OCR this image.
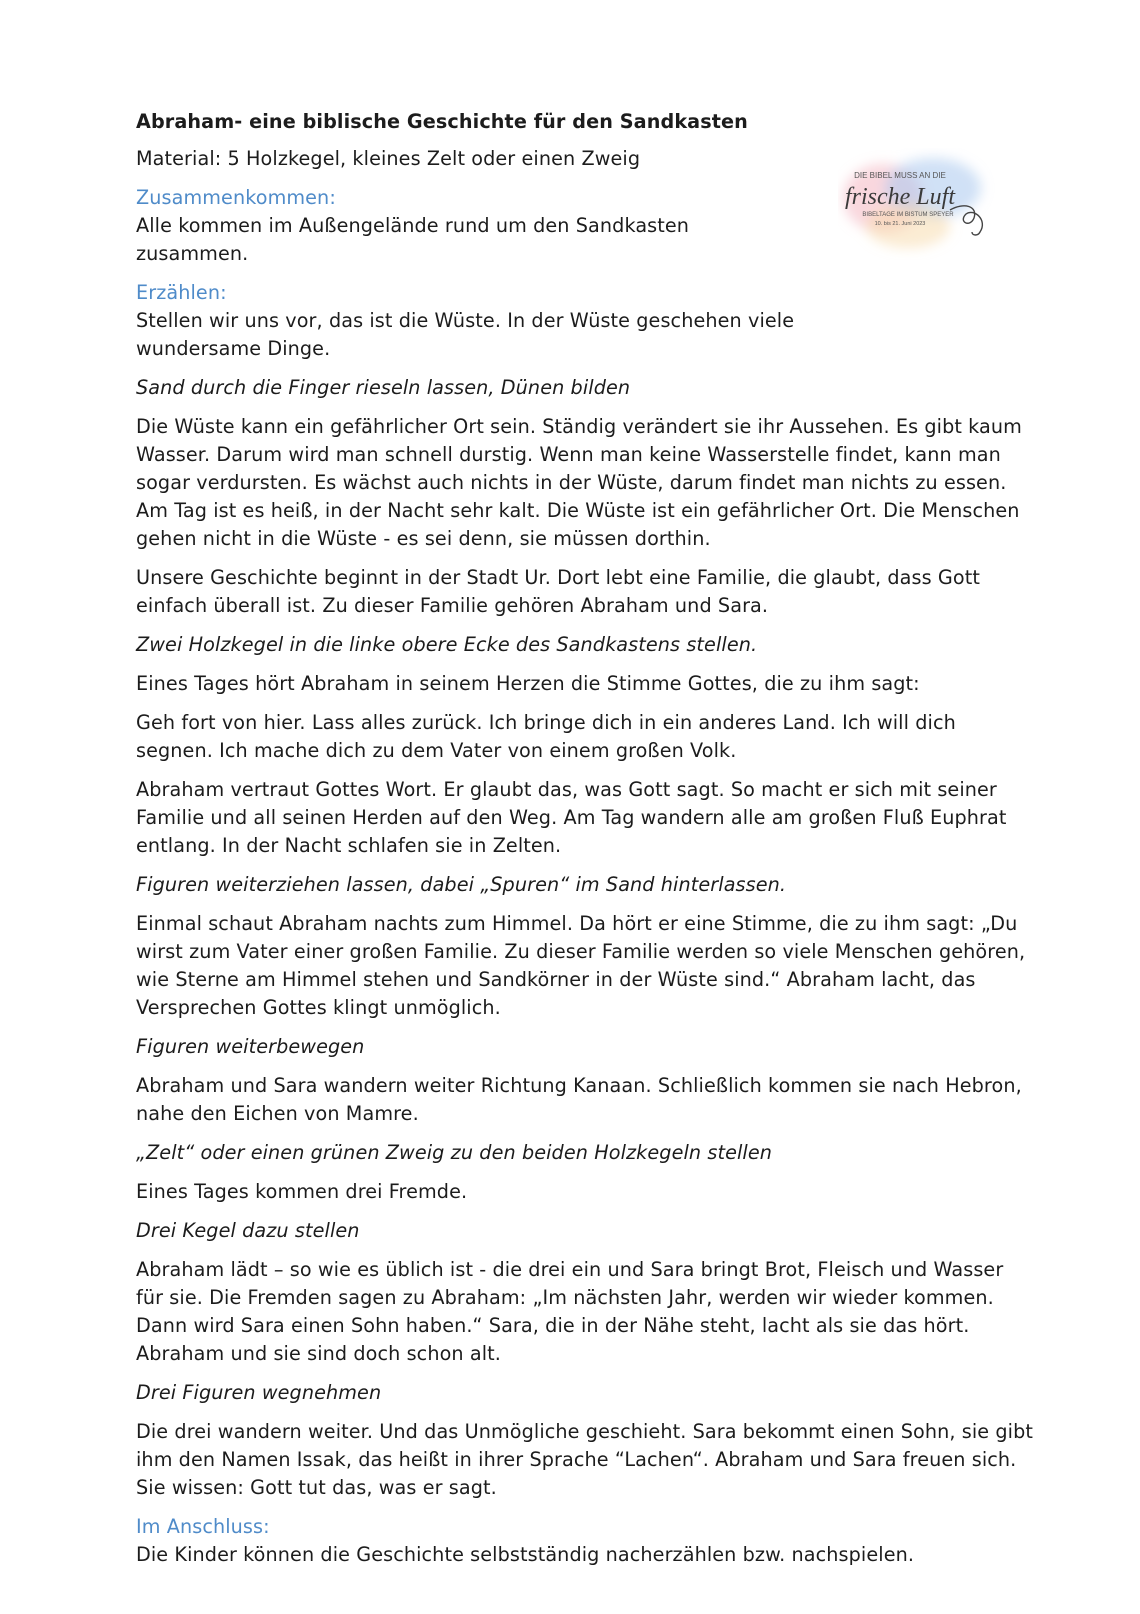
DIE BIBEL MUSS AN DIE
frische Luft
BIBELTAGE IM BISTUM SPEYER
10. bis 21. Juni 2023

Abraham- eine biblische Geschichte für den Sandkasten

Material: 5 Holzkegel, kleines Zelt oder einen Zweig

Zusammenkommen:

Alle kommen im Außengelände rund um den Sandkasten zusammen.

Erzählen:

Stellen wir uns vor, das ist die Wüste. In der Wüste geschehen viele wundersame Dinge.

Sand durch die Finger rieseln lassen, Dünen bilden

Die Wüste kann ein gefährlicher Ort sein. Ständig verändert sie ihr Aussehen. Es gibt kaum Wasser. Darum wird man schnell durstig. Wenn man keine Wasserstelle findet, kann man sogar verdursten. Es wächst auch nichts in der Wüste, darum findet man nichts zu essen. Am Tag ist es heiß, in der Nacht sehr kalt. Die Wüste ist ein gefährlicher Ort. Die Menschen gehen nicht in die Wüste - es sei denn, sie müssen dorthin.

Unsere Geschichte beginnt in der Stadt Ur. Dort lebt eine Familie, die glaubt, dass Gott einfach überall ist. Zu dieser Familie gehören Abraham und Sara.

Zwei Holzkegel in die linke obere Ecke des Sandkastens stellen.

Eines Tages hört Abraham in seinem Herzen die Stimme Gottes, die zu ihm sagt:

Geh fort von hier. Lass alles zurück. Ich bringe dich in ein anderes Land. Ich will dich segnen. Ich mache dich zu dem Vater von einem großen Volk.

Abraham vertraut Gottes Wort. Er glaubt das, was Gott sagt. So macht er sich mit seiner Familie und all seinen Herden auf den Weg. Am Tag wandern alle am großen Fluß Euphrat entlang. In der Nacht schlafen sie in Zelten.

Figuren weiterziehen lassen, dabei „Spuren“ im Sand hinterlassen.

Einmal schaut Abraham nachts zum Himmel. Da hört er eine Stimme, die zu ihm sagt: „Du wirst zum Vater einer großen Familie. Zu dieser Familie werden so viele Menschen gehören, wie Sterne am Himmel stehen und Sandkörner in der Wüste sind.“ Abraham lacht, das Versprechen Gottes klingt unmöglich.

Figuren weiterbewegen

Abraham und Sara wandern weiter Richtung Kanaan. Schließlich kommen sie nach Hebron, nahe den Eichen von Mamre.

„Zelt“ oder einen grünen Zweig zu den beiden Holzkegeln stellen

Eines Tages kommen drei Fremde.

Drei Kegel dazu stellen

Abraham lädt – so wie es üblich ist - die drei ein und Sara bringt Brot, Fleisch und Wasser für sie. Die Fremden sagen zu Abraham: „Im nächsten Jahr, werden wir wieder kommen. Dann wird Sara einen Sohn haben.“ Sara, die in der Nähe steht, lacht als sie das hört. Abraham und sie sind doch schon alt.

Drei Figuren wegnehmen

Die drei wandern weiter. Und das Unmögliche geschieht. Sara bekommt einen Sohn, sie gibt ihm den Namen Issak, das heißt in ihrer Sprache “Lachen“. Abraham und Sara freuen sich. Sie wissen: Gott tut das, was er sagt.

Im Anschluss:

Die Kinder können die Geschichte selbstständig nacherzählen bzw. nachspielen.
